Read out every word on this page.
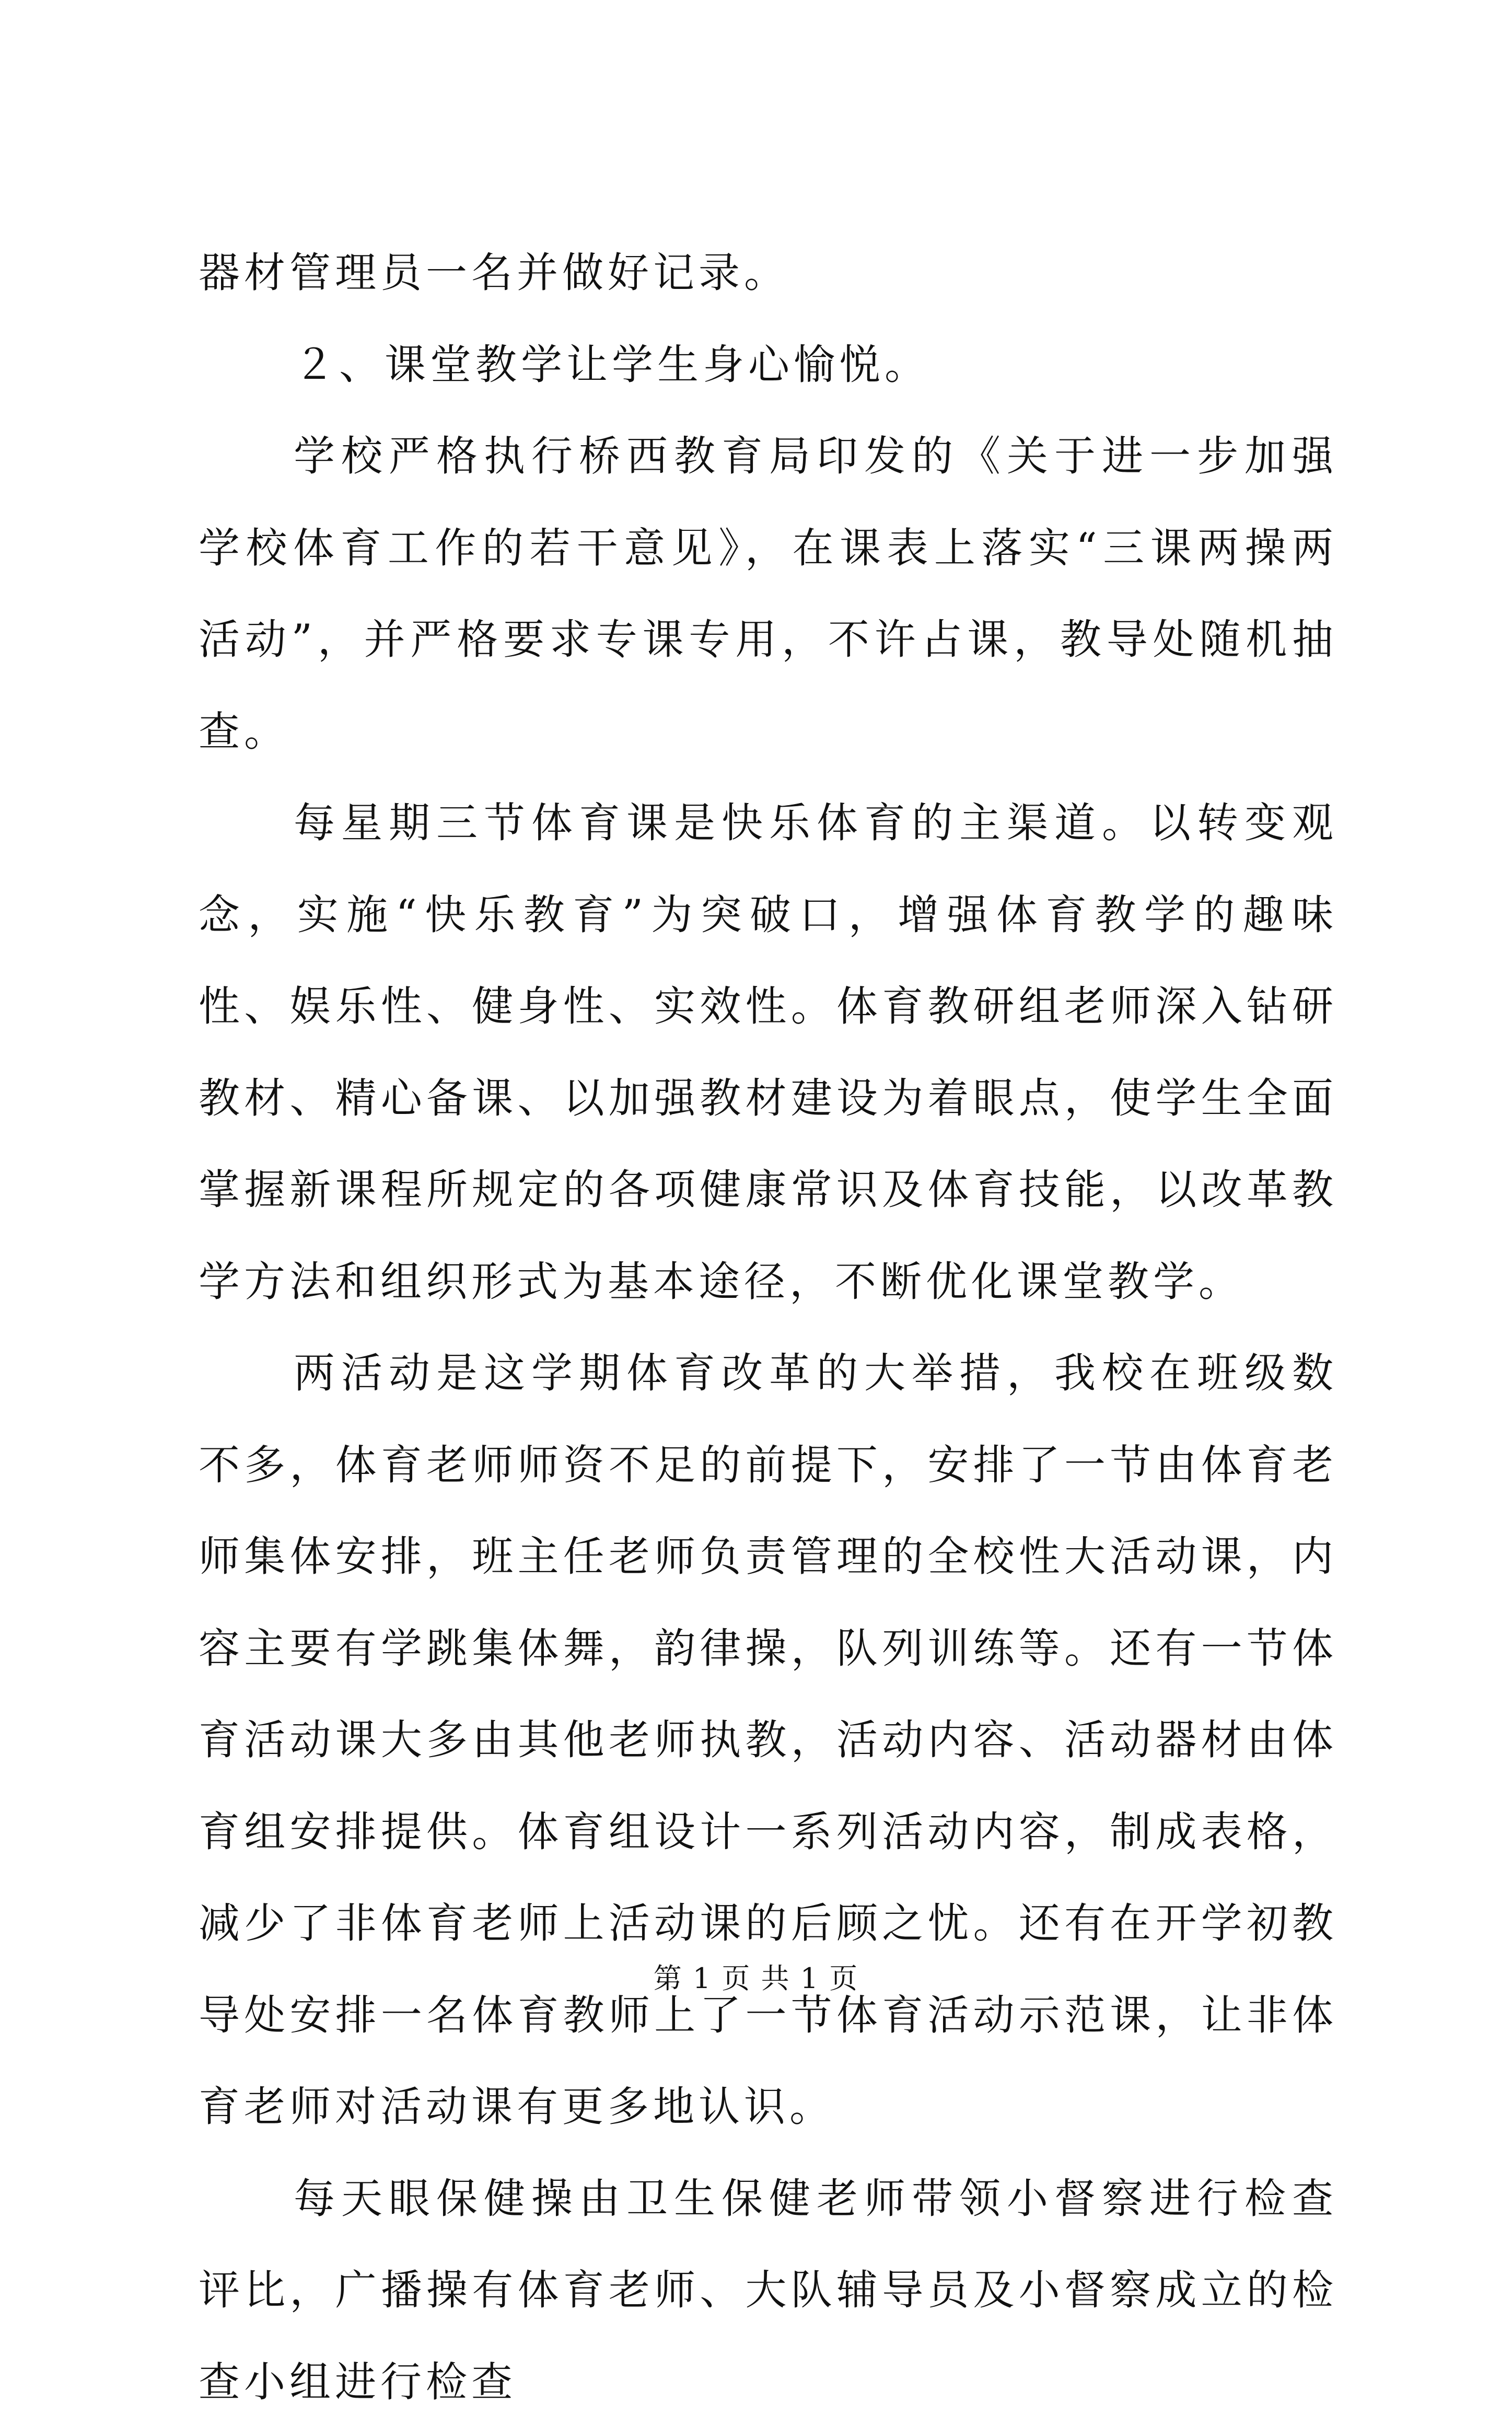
器材管理员一名并做好记录。

２、课堂教学让学生身心愉悦。

学校严格执行桥西教育局印发的《关于进一步加强学校体育工作的若干意见》，在课表上落实“三课两操两活动”，并严格要求专课专用，不许占课，教导处随机抽查。

每星期三节体育课是快乐体育的主渠道。以转变观念，实施“快乐教育”为突破口，增强体育教学的趣味性、娱乐性、健身性、实效性。体育教研组老师深入钻研教材、精心备课、以加强教材建设为着眼点，使学生全面掌握新课程所规定的各项健康常识及体育技能，以改革教学方法和组织形式为基本途径，不断优化课堂教学。

两活动是这学期体育改革的大举措，我校在班级数不多，体育老师师资不足的前提下，安排了一节由体育老师集体安排，班主任老师负责管理的全校性大活动课，内容主要有学跳集体舞，韵律操，队列训练等。还有一节体育活动课大多由其他老师执教，活动内容、活动器材由体育组安排提供。体育组设计一系列活动内容，制成表格，减少了非体育老师上活动课的后顾之忧。还有在开学初教导处安排一名体育教师上了一节体育活动示范课，让非体育老师对活动课有更多地认识。

每天眼保健操由卫生保健老师带领小督察进行检查评比，广播操有体育老师、大队辅导员及小督察成立的检查小组进行检查

第 1 页 共 1 页
